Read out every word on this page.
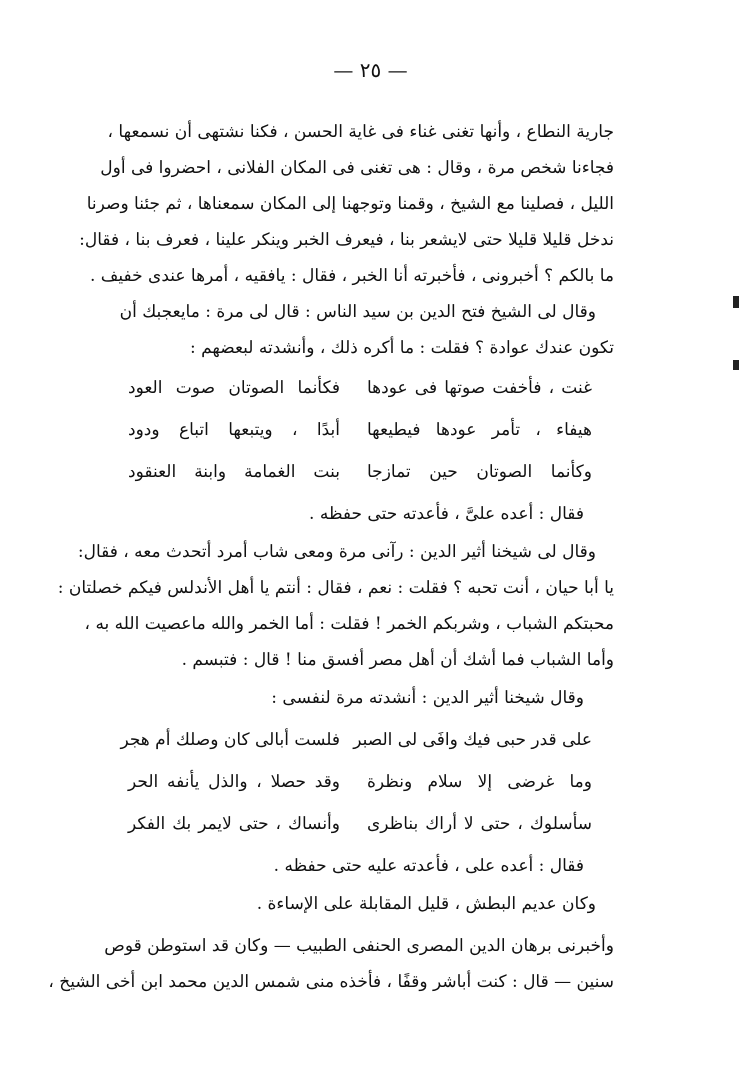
— ٢٥ —
جارية النطاع ، وأنها تغنى غناء فى غاية الحسن ، فكنا نشتهى أن نسمعها ،
فجاءنا شخص مرة ، وقال : هى تغنى فى المكان الفلانى ، احضروا فى أول
الليل ، فصلينا مع الشيخ ، وقمنا وتوجهنا إلى المكان سمعناها ، ثم جئنا وصرنا
ندخل قليلا قليلا حتى لايشعر بنا ، فيعرف الخبر وينكر علينا ، فعرف بنا ، فقال:
ما بالكم ؟ أخبرونى ، فأخبرته أنا الخبر ، فقال : يافقيه ، أمرها عندى خفيف .
وقال لى الشيخ فتح الدين بن سيد الناس : قال لى مرة : مايعجبك أن
تكون عندك عوادة ؟ فقلت : ما أكره ذلك ، وأنشدته لبعضهم :
غنت ، فأخفت صوتها فى عودها
فكأنما الصوتان صوت العود
هيفاء ، تأمر عودها فيطيعها
أبدًا ، ويتبعها اتباع ودود
وكأنما الصوتان حين تمازجا
بنت الغمامة وابنة العنقود
فقال : أعده علىَّ ، فأعدته حتى حفظه .
وقال لى شيخنا أثير الدين : رآنى مرة ومعى شاب أمرد أتحدث معه ، فقال:
يا أبا حيان ، أنت تحبه ؟ فقلت : نعم ، فقال : أنتم يا أهل الأندلس فيكم خصلتان :
محبتكم الشباب ، وشربكم الخمر ! فقلت : أما الخمر والله ماعصيت الله به ،
وأما الشباب فما أشك أن أهل مصر أفسق منا ! قال : فتبسم .
وقال شيخنا أثير الدين : أنشدته مرة لنفسى :
على قدر حبى فيك وافَى لى الصبر
فلست أبالى كان وصلك أم هجر
وما غرضى إلا سلام ونظرة
وقد حصلا ، والذل يأنفه الحر
سأسلوك ، حتى لا أراك بناظرى
وأنساك ، حتى لايمر بك الفكر
فقال : أعده على ، فأعدته عليه حتى حفظه .
وكان عديم البطش ، قليل المقابلة على الإساءة .
وأخبرنى برهان الدين المصرى الحنفى الطبيب — وكان قد استوطن قوص
سنين — قال : كنت أباشر وقفًا ، فأخذه منى شمس الدين محمد ابن أخى الشيخ ،
